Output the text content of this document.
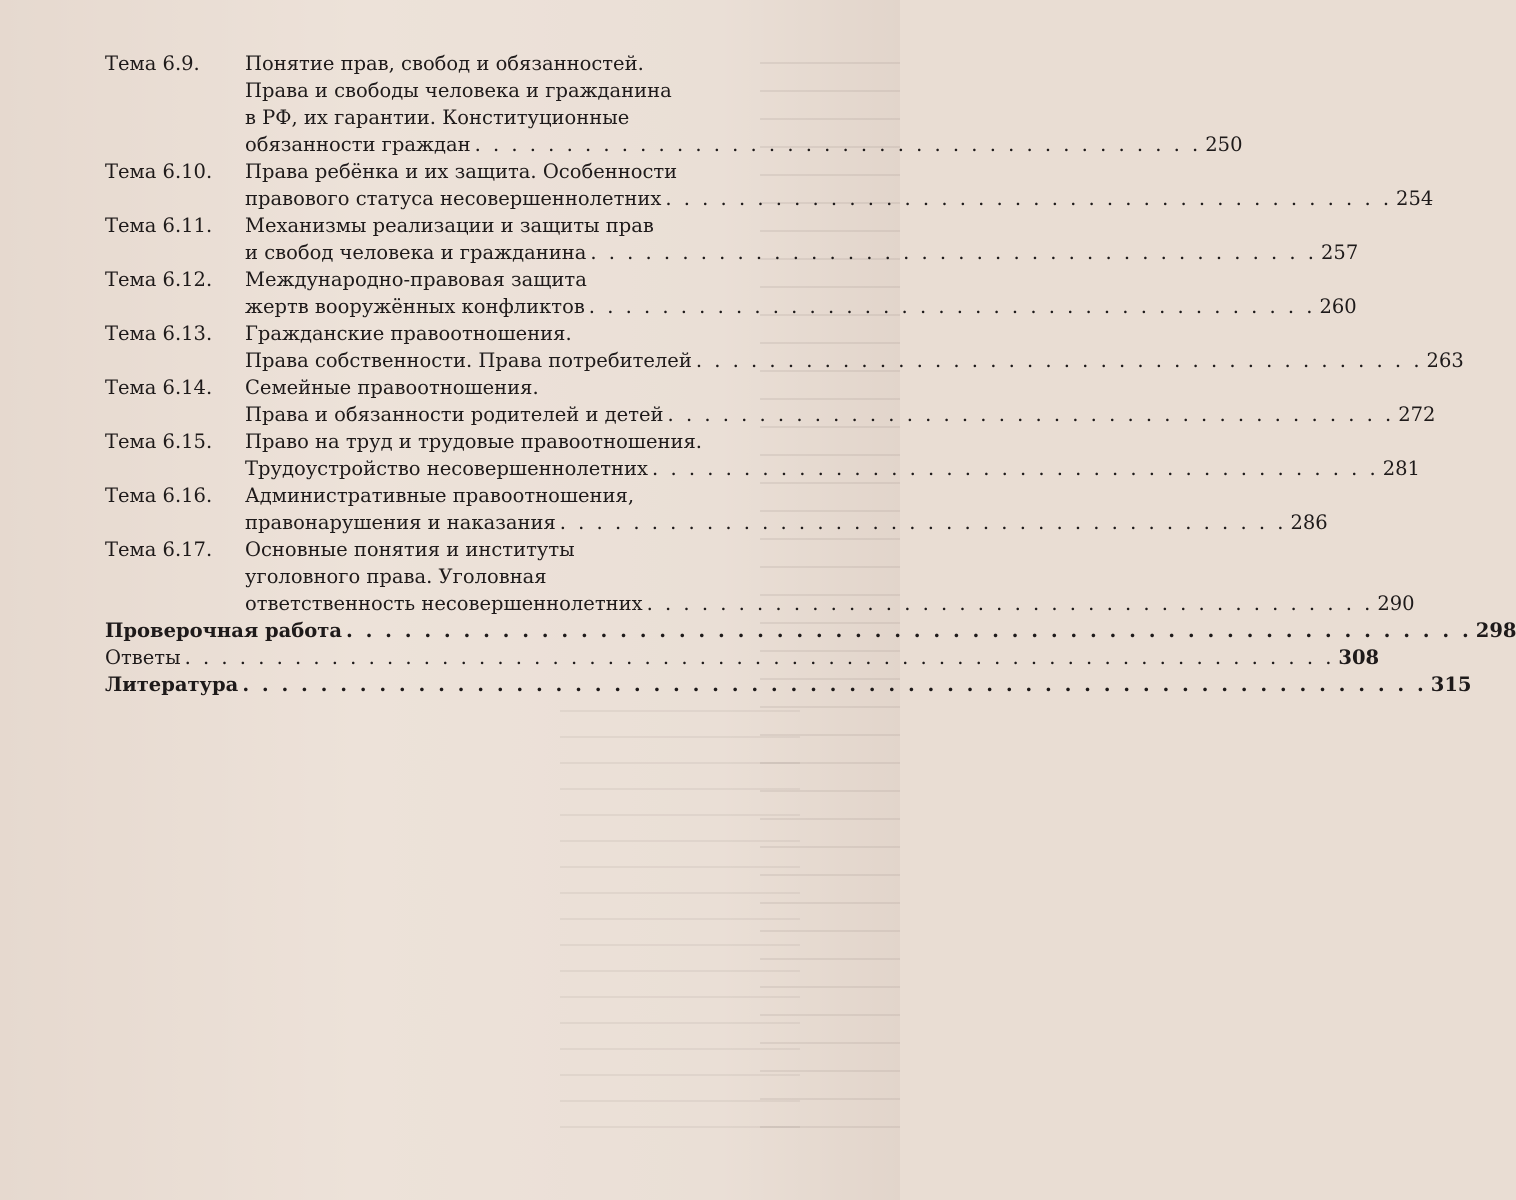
Тема 6.9.	Понятие прав, свобод и обязанностей.
Права и свободы человека и гражданина
в РФ, их гарантии. Конституционные
обязанности граждан . . . . . . . . . . . . . . . . . . . . . . . . . . . . . . . . . . . . . . . . 250
Тема 6.10.	Права ребёнка и их защита. Особенности
правового статуса несовершеннолетних . . . . . . . . . . . . . . . . . . . . . . . . . . . . . . . . . . . . . . . . 254
Тема 6.11.	Механизмы реализации и защиты прав
и свобод человека и гражданина . . . . . . . . . . . . . . . . . . . . . . . . . . . . . . . . . . . . . . . . 257
Тема 6.12.	Международно-правовая защита
жертв вооружённых конфликтов . . . . . . . . . . . . . . . . . . . . . . . . . . . . . . . . . . . . . . . . 260
Тема 6.13.	Гражданские правоотношения.
Права собственности. Права потребителей . . . . . . . . . . . . . . . . . . . . . . . . . . . . . . . . . . . . . . . . 263
Тема 6.14.	Семейные правоотношения.
Права и обязанности родителей и детей . . . . . . . . . . . . . . . . . . . . . . . . . . . . . . . . . . . . . . . . 272
Тема 6.15.	Право на труд и трудовые правоотношения.
Трудоустройство несовершеннолетних . . . . . . . . . . . . . . . . . . . . . . . . . . . . . . . . . . . . . . . . 281
Тема 6.16.	Административные правоотношения,
правонарушения и наказания . . . . . . . . . . . . . . . . . . . . . . . . . . . . . . . . . . . . . . . . 286
Тема 6.17.	Основные понятия и институты
уголовного права. Уголовная
ответственность несовершеннолетних . . . . . . . . . . . . . . . . . . . . . . . . . . . . . . . . . . . . . . . . 290
Проверочная работа . . . . . . . . . . . . . . . . . . . . . . . . . . . . . . . . . . . . . . . . . . . . . . . . . . . . . . . . . . 298
Ответы . . . . . . . . . . . . . . . . . . . . . . . . . . . . . . . . . . . . . . . . . . . . . . . . . . . . . . . . . . . . . . . 308
Литература . . . . . . . . . . . . . . . . . . . . . . . . . . . . . . . . . . . . . . . . . . . . . . . . . . . . . . . . . . . . . 315
